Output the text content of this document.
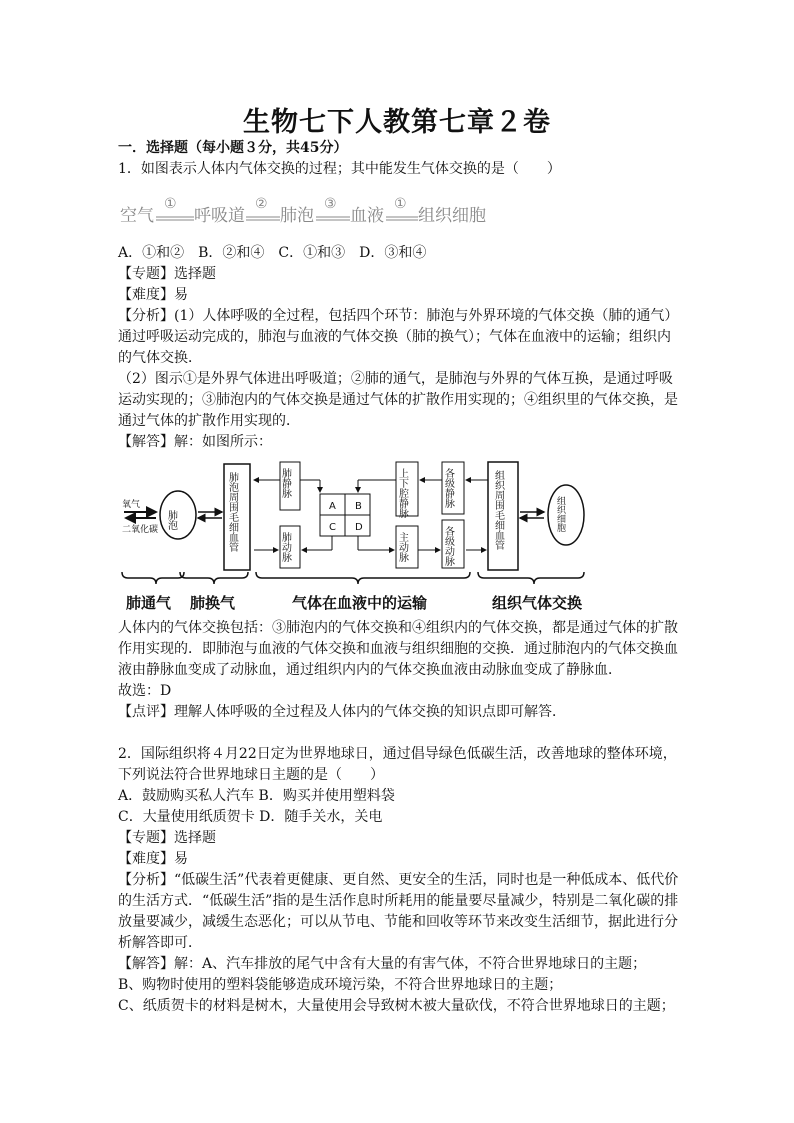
生物七下人教第七章２卷
一．选择题（每小题３分，共45分）
1．如图表示人体内气体交换的过程；其中能发生气体交换的是（　　）
空气
①
呼吸道
②
肺泡
③
血液
①
组织细胞
A．①和②　B．②和④　C．①和③　D．③和④
【专题】选择题
【难度】易
【分析】(1）人体呼吸的全过程，包括四个环节：肺泡与外界环境的气体交换（肺的通气）
通过呼吸运动完成的，肺泡与血液的气体交换（肺的换气）；气体在血液中的运输；组织内
的气体交换．
（2）图示①是外界气体进出呼吸道；②肺的通气，是肺泡与外界的气体互换，是通过呼吸
运动实现的；③肺泡内的气体交换是通过气体的扩散作用实现的；④组织里的气体交换，是
通过气体的扩散作用实现的．
【解答】解：如图所示：
氧气
二氧化碳 肺泡	肺泡周围毛细血管	肺静脉
肺动脉
A B
C D
上下腔静脉
主动脉
各级静脉
各级动脉	组织周围毛细血管	组织细胞
肺通气 肺换气	气体在血液中的运输	组织气体交换
人体内的气体交换包括：③肺泡内的气体交换和④组织内的气体交换，都是通过气体的扩散
作用实现的．即肺泡与血液的气体交换和血液与组织细胞的交换．通过肺泡内的气体交换血
液由静脉血变成了动脉血，通过组织内内的气体交换血液由动脉血变成了静脉血．
故选：D
【点评】理解人体呼吸的全过程及人体内的气体交换的知识点即可解答．
2．国际组织将４月22日定为世界地球日，通过倡导绿色低碳生活，改善地球的整体环境，
下列说法符合世界地球日主题的是（　　）
A．鼓励购买私人汽车 B．购买并使用塑料袋
C．大量使用纸质贺卡 D．随手关水，关电
【专题】选择题
【难度】易
【分析】“低碳生活”代表着更健康、更自然、更安全的生活，同时也是一种低成本、低代价
的生活方式．“低碳生活”指的是生活作息时所耗用的能量要尽量减少，特别是二氧化碳的排
放量要减少，减缓生态恶化；可以从节电、节能和回收等环节来改变生活细节，据此进行分
析解答即可．
【解答】解：A、汽车排放的尾气中含有大量的有害气体，不符合世界地球日的主题；
B、购物时使用的塑料袋能够造成环境污染，不符合世界地球日的主题；
C、纸质贺卡的材料是树木，大量使用会导致树木被大量砍伐，不符合世界地球日的主题；
